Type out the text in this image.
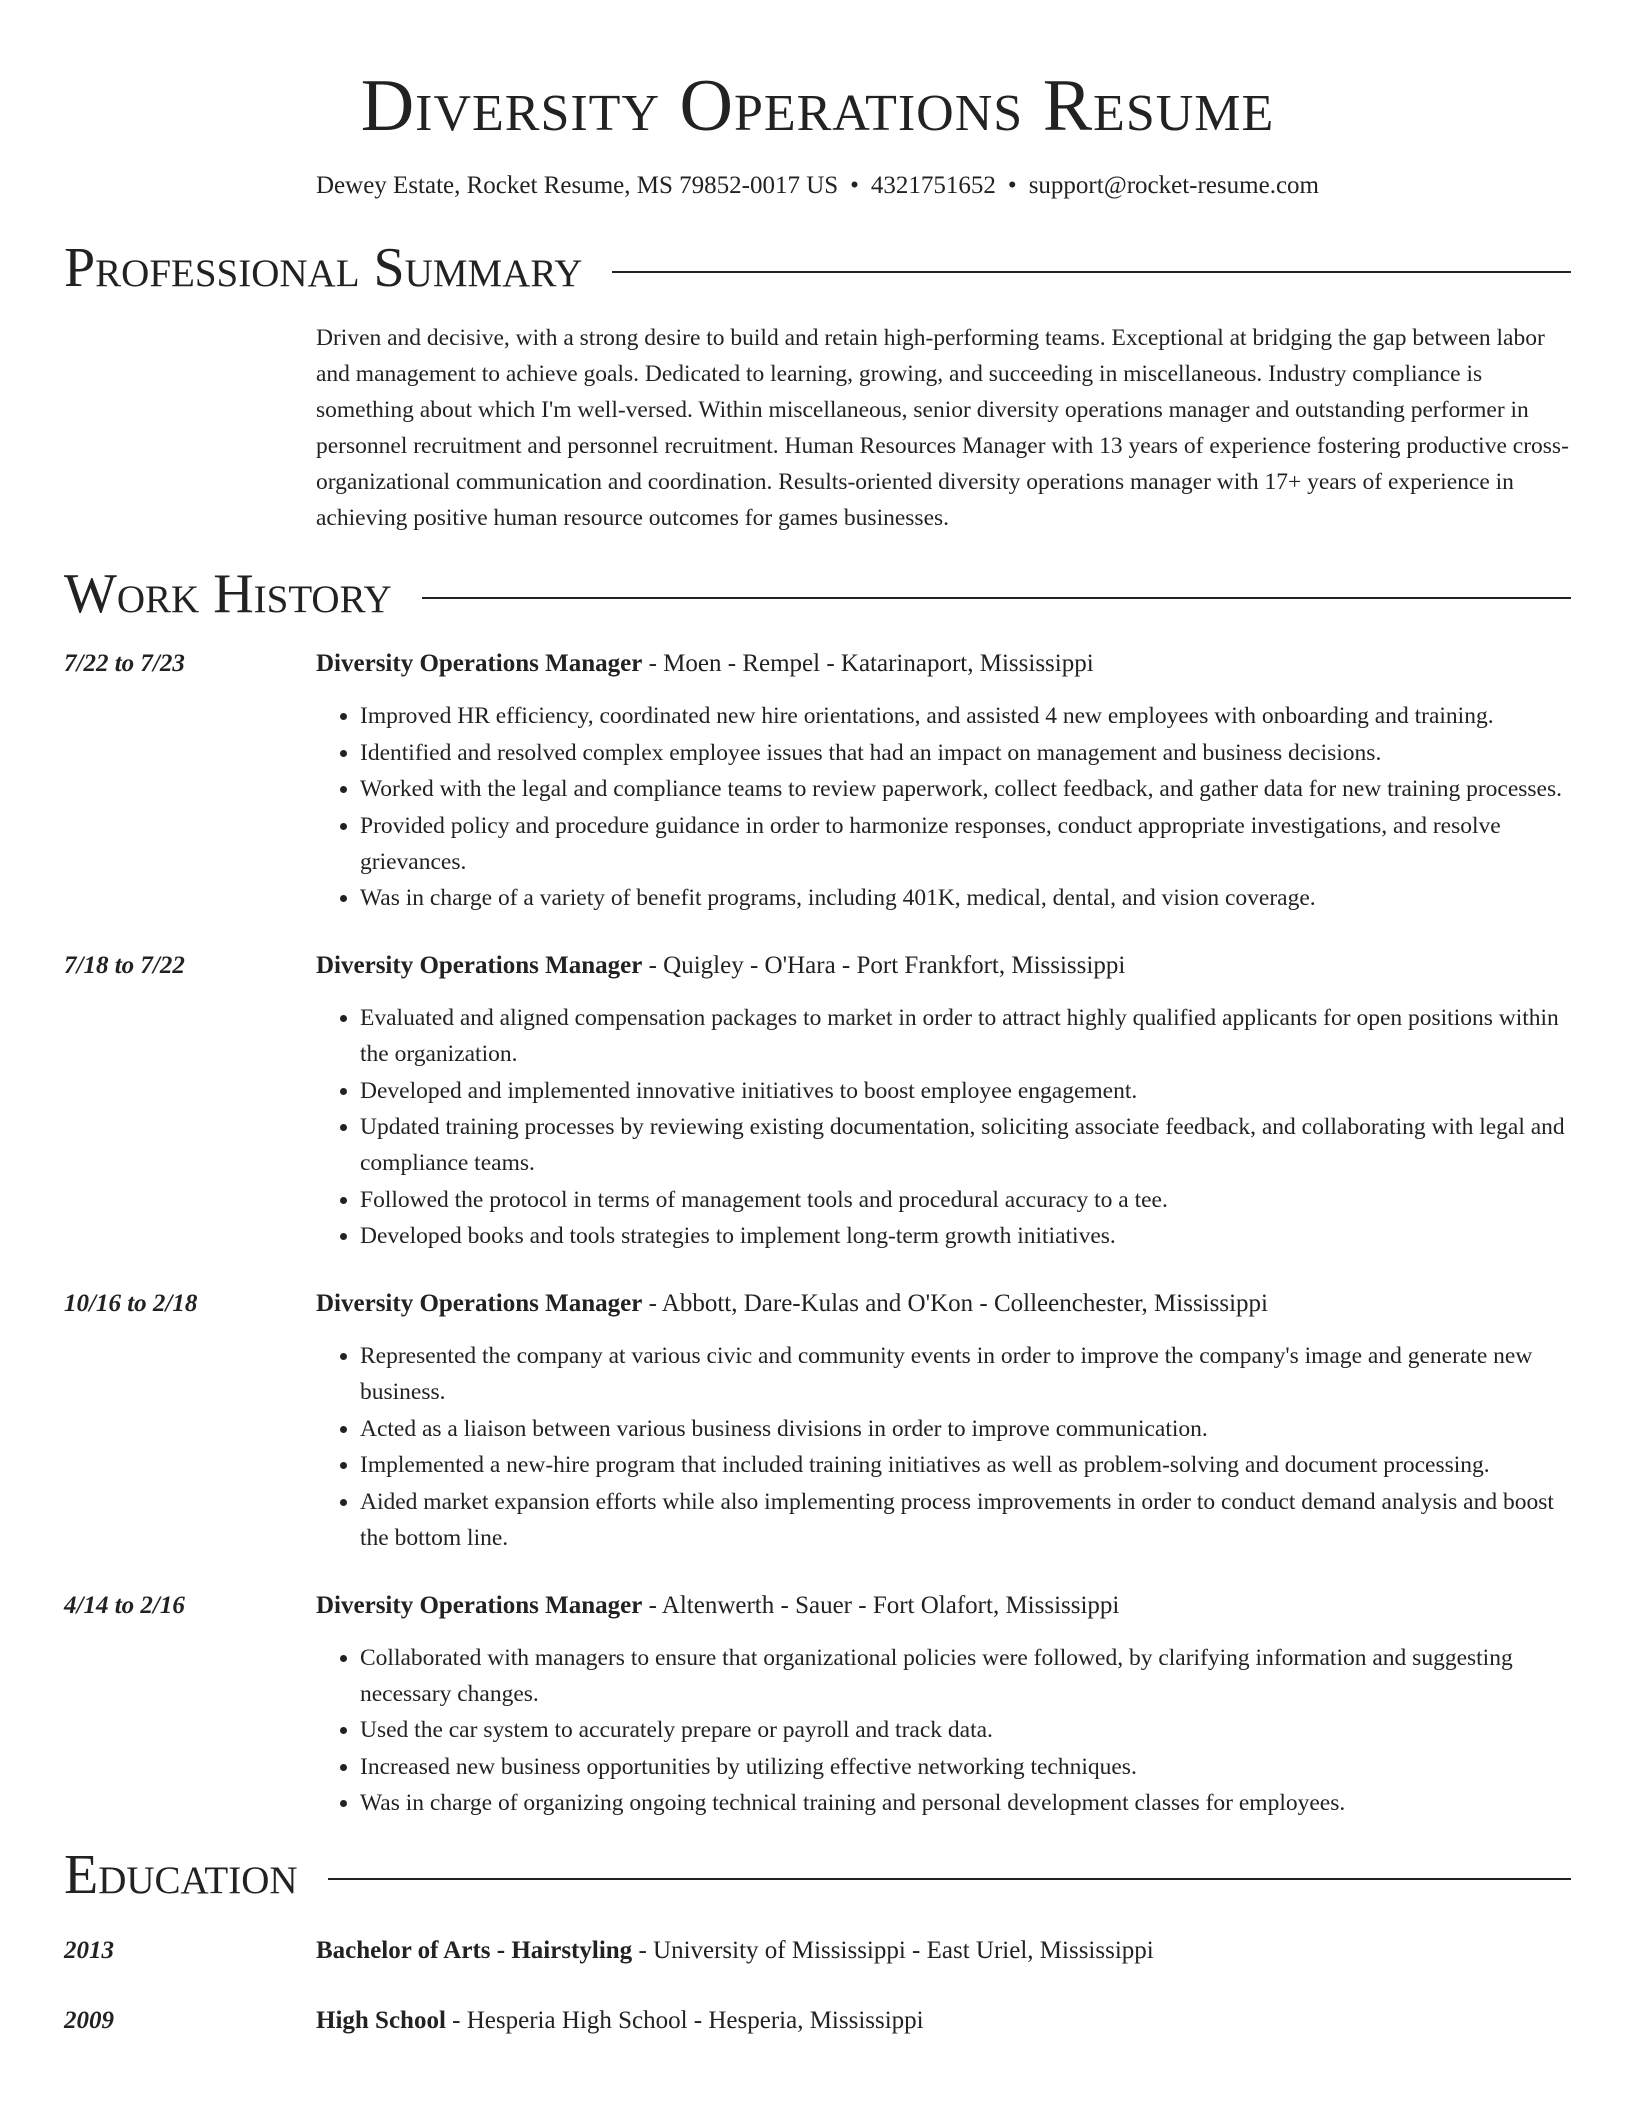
Diversity Operations Resume
Dewey Estate, Rocket Resume, MS 79852-0017 US • 4321751652 • support@rocket-resume.com
Professional Summary

Driven and decisive, with a strong desire to build and retain high-performing teams. Exceptional at bridging the gap between labor and management to achieve goals. Dedicated to learning, growing, and succeeding in miscellaneous. Industry compliance is something about which I'm well-versed. Within miscellaneous, senior diversity operations manager and outstanding performer in personnel recruitment and personnel recruitment. Human Resources Manager with 13 years of experience fostering productive cross-organizational communication and coordination. Results-oriented diversity operations manager with 17+ years of experience in achieving positive human resource outcomes for games businesses.

Work History
7/22 to 7/23	Diversity Operations Manager - Moen - Rempel - Katarinaport, Mississippi
• Improved HR efficiency, coordinated new hire orientations, and assisted 4 new employees with onboarding and training.
• Identified and resolved complex employee issues that had an impact on management and business decisions.
• Worked with the legal and compliance teams to review paperwork, collect feedback, and gather data for new training processes.
• Provided policy and procedure guidance in order to harmonize responses, conduct appropriate investigations, and resolve grievances.
• Was in charge of a variety of benefit programs, including 401K, medical, dental, and vision coverage.
7/18 to 7/22	Diversity Operations Manager - Quigley - O'Hara - Port Frankfort, Mississippi
• Evaluated and aligned compensation packages to market in order to attract highly qualified applicants for open positions within the organization.
• Developed and implemented innovative initiatives to boost employee engagement.
• Updated training processes by reviewing existing documentation, soliciting associate feedback, and collaborating with legal and compliance teams.
• Followed the protocol in terms of management tools and procedural accuracy to a tee.
• Developed books and tools strategies to implement long-term growth initiatives.
10/16 to 2/18	Diversity Operations Manager - Abbott, Dare-Kulas and O'Kon - Colleenchester, Mississippi
• Represented the company at various civic and community events in order to improve the company's image and generate new business.
• Acted as a liaison between various business divisions in order to improve communication.
• Implemented a new-hire program that included training initiatives as well as problem-solving and document processing.
• Aided market expansion efforts while also implementing process improvements in order to conduct demand analysis and boost the bottom line.
4/14 to 2/16	Diversity Operations Manager - Altenwerth - Sauer - Fort Olafort, Mississippi
• Collaborated with managers to ensure that organizational policies were followed, by clarifying information and suggesting necessary changes.
• Used the car system to accurately prepare or payroll and track data.
• Increased new business opportunities by utilizing effective networking techniques.
• Was in charge of organizing ongoing technical training and personal development classes for employees.
Education
2013	Bachelor of Arts - Hairstyling - University of Mississippi - East Uriel, Mississippi
2009	High School - Hesperia High School - Hesperia, Mississippi
